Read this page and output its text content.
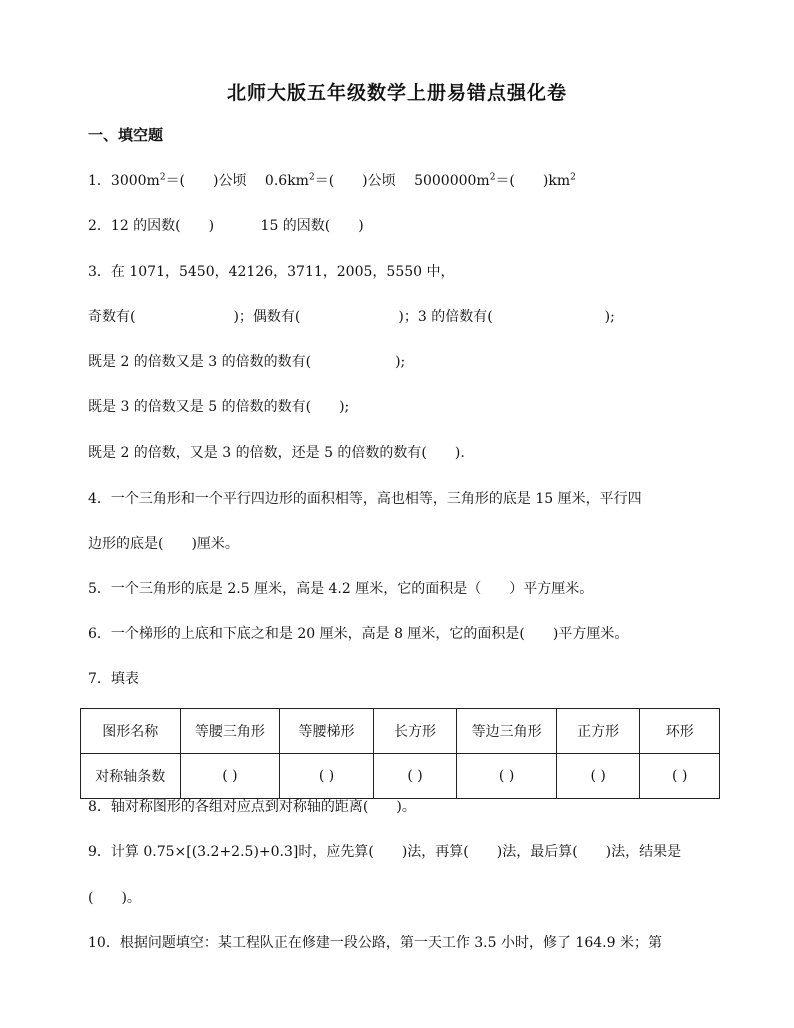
北师大版五年级数学上册易错点强化卷
一、填空题
1．$3000m^2=$(　　)公顷　 $0.6km^2=$(　　)公顷　 $5000000m^2=$(　　)$km^2$
2．12 的因数(　　)　　　 15 的因数(　　)
3．在 1071，5450，42126，3711，2005，5550 中，
奇数有(　　　　　　　)；偶数有(　　　　　　　)；3 的倍数有(　　　　　　　　);
既是 2 的倍数又是 3 的倍数的数有(　　　　　　);
既是 3 的倍数又是 5 的倍数的数有(　　);
既是 2 的倍数，又是 3 的倍数，还是 5 的倍数的数有(　　).
4．一个三角形和一个平行四边形的面积相等，高也相等，三角形的底是 15 厘米，平行四
边形的底是(　　)厘米。
5．一个三角形的底是 2.5 厘米，高是 4.2 厘米，它的面积是（　　）平方厘米。
6．一个梯形的上底和下底之和是 20 厘米，高是 8 厘米，它的面积是(　　)平方厘米。
7．填表
图形名称	等腰三角形	等腰梯形	长方形	等边三角形	正方形	环形
对称轴条数	( )	( )	( )	( )	( )	( )
8．轴对称图形的各组对应点到对称轴的距离(　　)。
9．计算 0.75×[(3.2+2.5)+0.3]时，应先算(　　)法，再算(　　)法，最后算(　　)法，结果是
(　　)。
10．根据问题填空：某工程队正在修建一段公路，第一天工作 3.5 小时，修了 164.9 米；第
